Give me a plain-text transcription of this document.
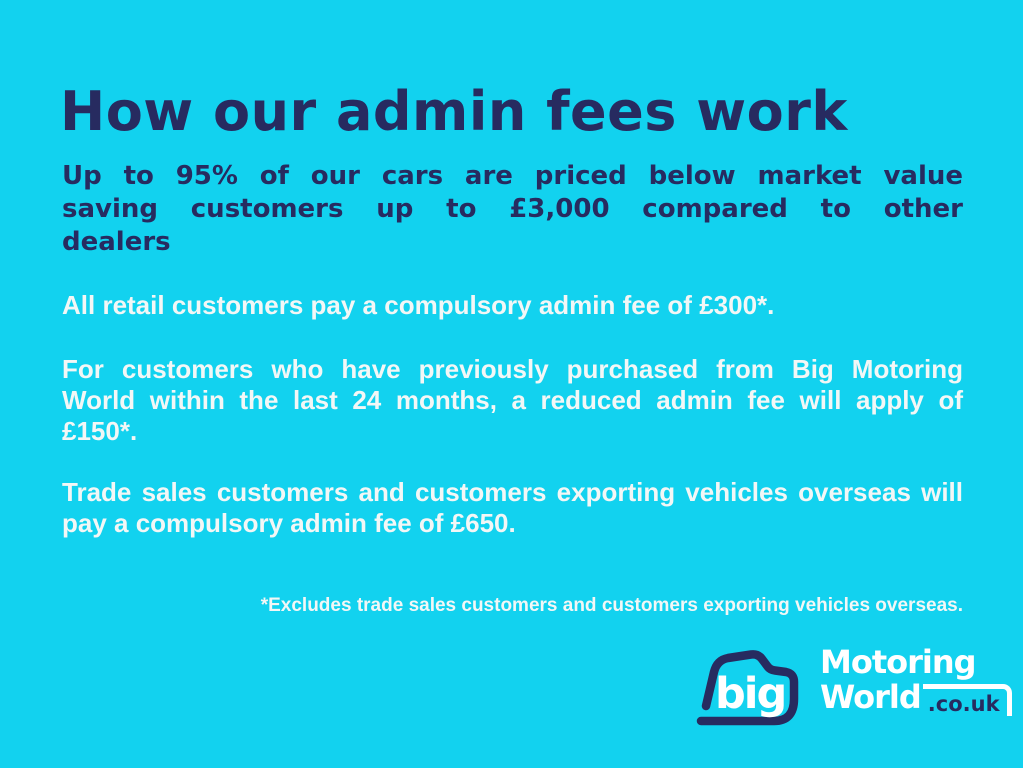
How our admin fees work
Up to 95% of our cars are priced below market value
saving customers up to £3,000 compared to other
dealers
All retail customers pay a compulsory admin fee of £300*.
For customers who have previously purchased from Big Motoring
World within the last 24 months, a reduced admin fee will apply of
£150*.
Trade sales customers and customers exporting vehicles overseas will
pay a compulsory admin fee of £650.
*Excludes trade sales customers and customers exporting vehicles overseas.
big
Motoring
World .co.uk
